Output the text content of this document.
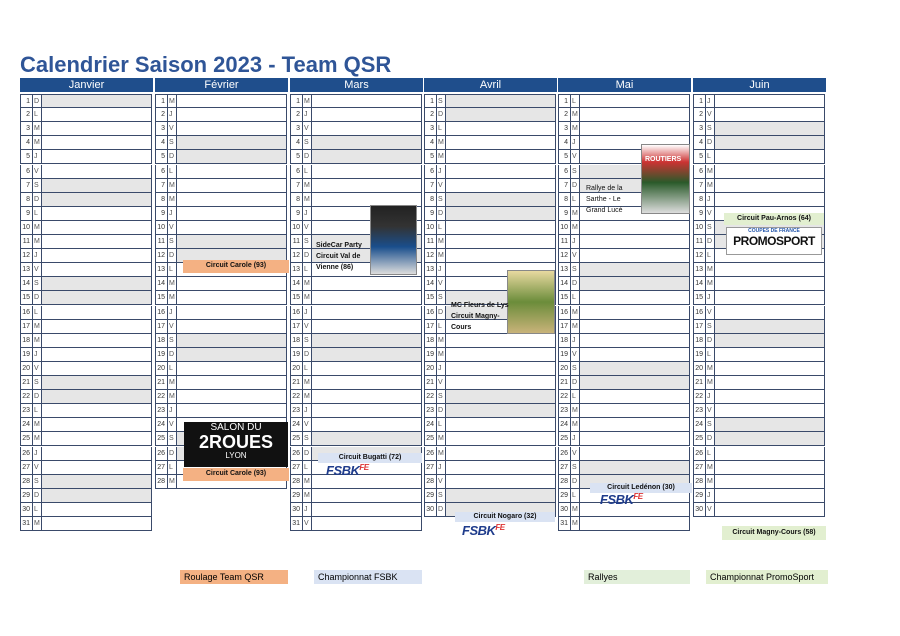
Calendrier Saison 2023 - Team QSR
Janvier
1 D
2 L
3 M
4 M
5 J
6 V
7 S
8 D
9 L
10 M
11 M
12 J
13 V
14 S
15 D
16 L
17 M
18 M
19 J
20 V
21 S
22 D
23 L
24 M
25 M
26 J
27 V
28 S
29 D
30 L
31 M
Février
1 M
2 J
3 V
4 S
5 D
6 L
7 M
8 M
9 J
10 V
11 S
12 D
13 L
14 M
15 M
16 J
17 V
18 S
19 D
20 L
21 M
22 M
23 J
24 V
25 S
26 D
27 L
28 M
Mars
1 M
2 J
3 V
4 S
5 D
6 L
7 M
8 M
9 J
10 V
11 S
12 D
13 L
14 M
15 M
16 J
17 V
18 S
19 D
20 L
21 M
22 M
23 J
24 V
25 S
26 D
27 L
28 M
29 M
30 J
31 V
Avril
1 S
2 D
3 L
4 M
5 M
6 J
7 V
8 S
9 D
10 L
11 M
12 M
13 J
14 V
15 S
16 D
17 L
18 M
19 M
20 J
21 V
22 S
23 D
24 L
25 M
26 M
27 J
28 V
29 S
30 D
Mai
1 L
2 M
3 M
4 J
5 V
6 S
7 D
8 L
9 M
10 M
11 J
12 V
13 S
14 D
15 L
16 M
17 M
18 J
19 V
20 S
21 D
22 L
23 M
24 M
25 J
26 V
27 S
28 D
29 L
30 M
31 M
Juin
1 J
2 V
3 S
4 D
5 L
6 M
7 M
8 J
9 V
10 S
11 D
12 L
13 M
14 M
15 J
16 V
17 S
18 D
19 L
20 M
21 M
22 J
23 V
24 S
25 D
26 L
27 M
28 M
29 J
30 V
Circuit Carole (93)
Circuit Carole (93)
SALON DU
2ROUES
LYON
SideCar Party Circuit Val de Vienne (86)
Circuit Bugatti (72)
$FSBK^{FE}$
MC Fleurs de Lys Circuit Magny-Cours
Circuit Nogaro (32)
$FSBK^{FE}$
ROUTIERS
Rallye de la Sarthe - Le Grand Lucé
Circuit Ledénon (30)
$FSBK^{FE}$
Circuit Pau-Arnos (64)
COUPES DE FRANCE
PROMOSPORT
Circuit Magny-Cours (58)
Roulage Team QSR	Championnat FSBK	Rallyes	Championnat PromoSport
